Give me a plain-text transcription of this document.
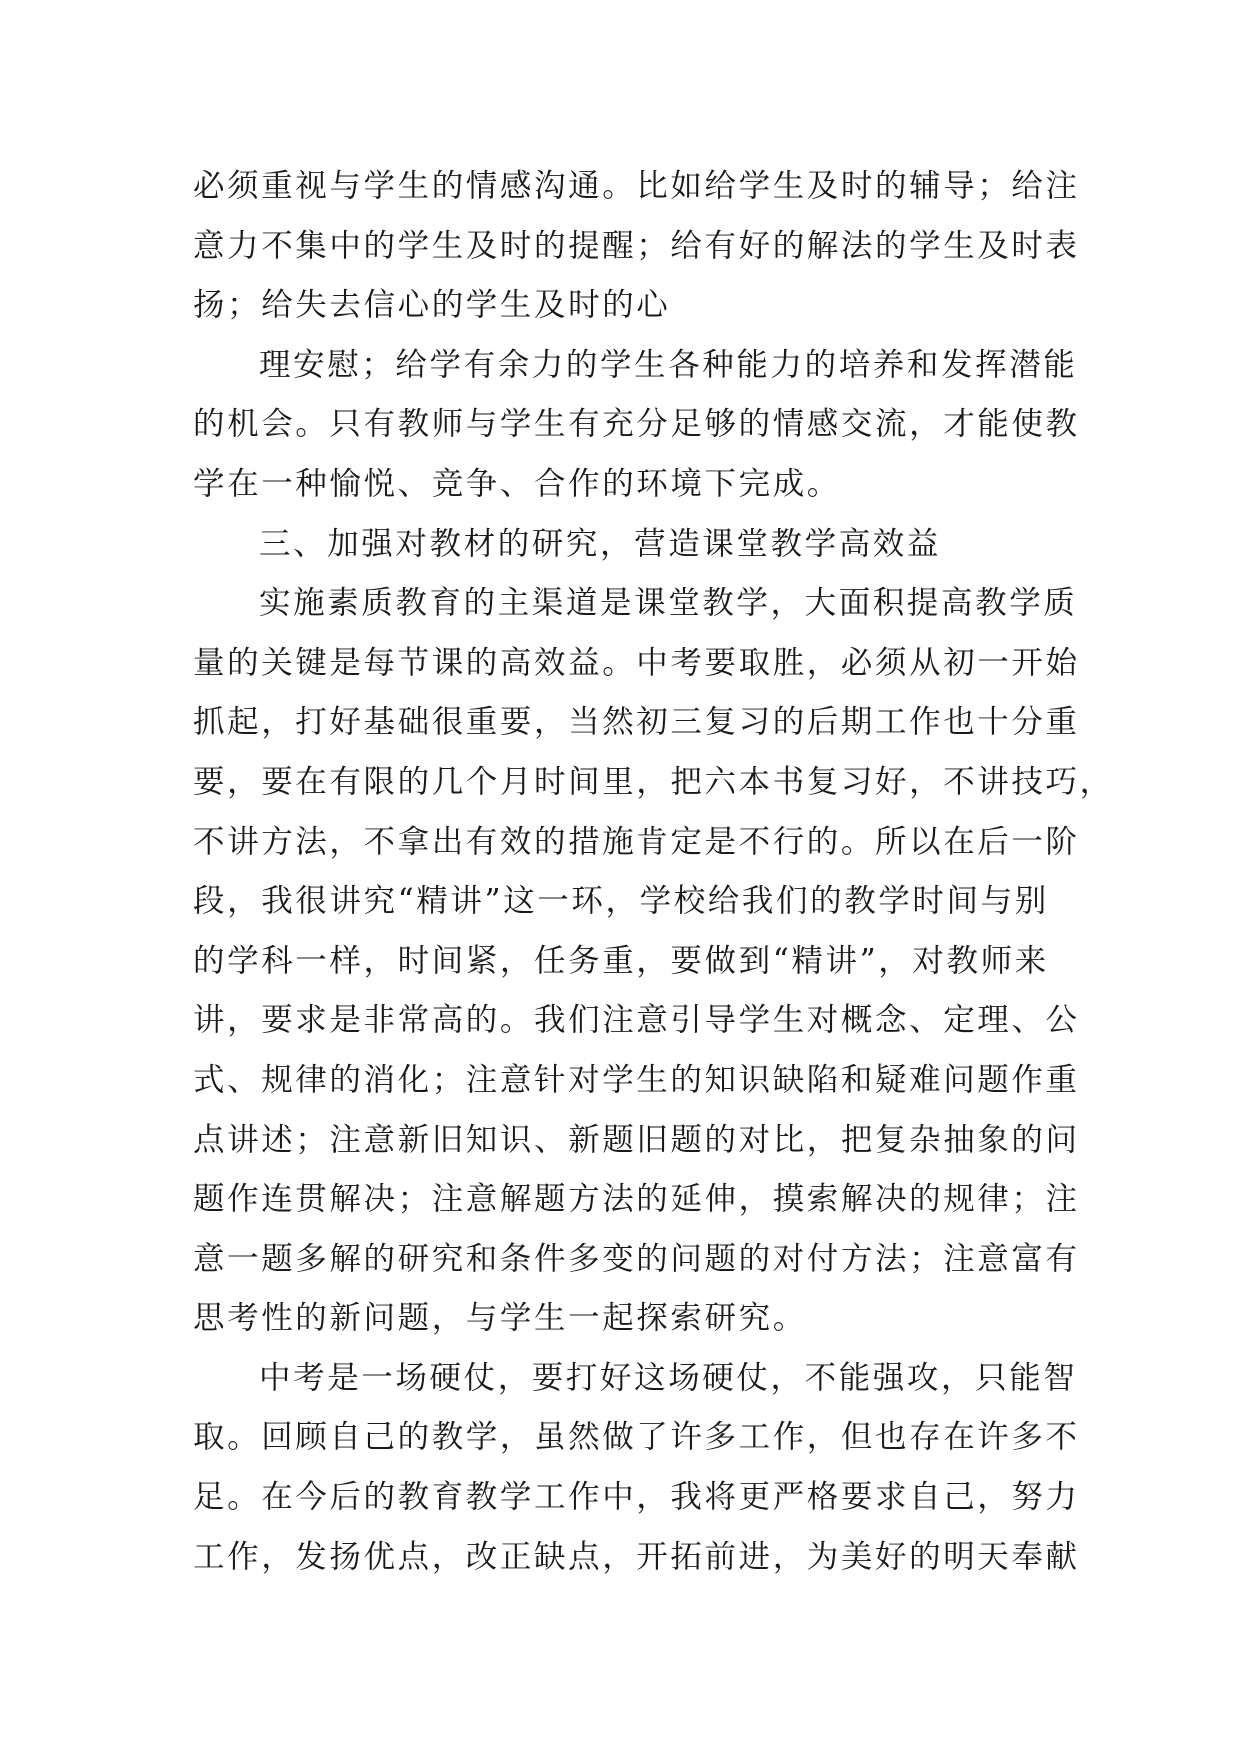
必须重视与学生的情感沟通。比如给学生及时的辅导；给注
意力不集中的学生及时的提醒；给有好的解法的学生及时表
扬；给失去信心的学生及时的心
理安慰；给学有余力的学生各种能力的培养和发挥潜能
的机会。只有教师与学生有充分足够的情感交流，才能使教
学在一种愉悦、竞争、合作的环境下完成。
三、加强对教材的研究，营造课堂教学高效益
实施素质教育的主渠道是课堂教学，大面积提高教学质
量的关键是每节课的高效益。中考要取胜，必须从初一开始
抓起，打好基础很重要，当然初三复习的后期工作也十分重
要，要在有限的几个月时间里，把六本书复习好，不讲技巧，
不讲方法，不拿出有效的措施肯定是不行的。所以在后一阶
段，我很讲究“精讲”这一环，学校给我们的教学时间与别
的学科一样，时间紧，任务重，要做到“精讲”，对教师来
讲，要求是非常高的。我们注意引导学生对概念、定理、公
式、规律的消化；注意针对学生的知识缺陷和疑难问题作重
点讲述；注意新旧知识、新题旧题的对比，把复杂抽象的问
题作连贯解决；注意解题方法的延伸，摸索解决的规律；注
意一题多解的研究和条件多变的问题的对付方法；注意富有
思考性的新问题，与学生一起探索研究。
中考是一场硬仗，要打好这场硬仗，不能强攻，只能智
取。回顾自己的教学，虽然做了许多工作，但也存在许多不
足。在今后的教育教学工作中，我将更严格要求自己，努力
工作，发扬优点，改正缺点，开拓前进，为美好的明天奉献
